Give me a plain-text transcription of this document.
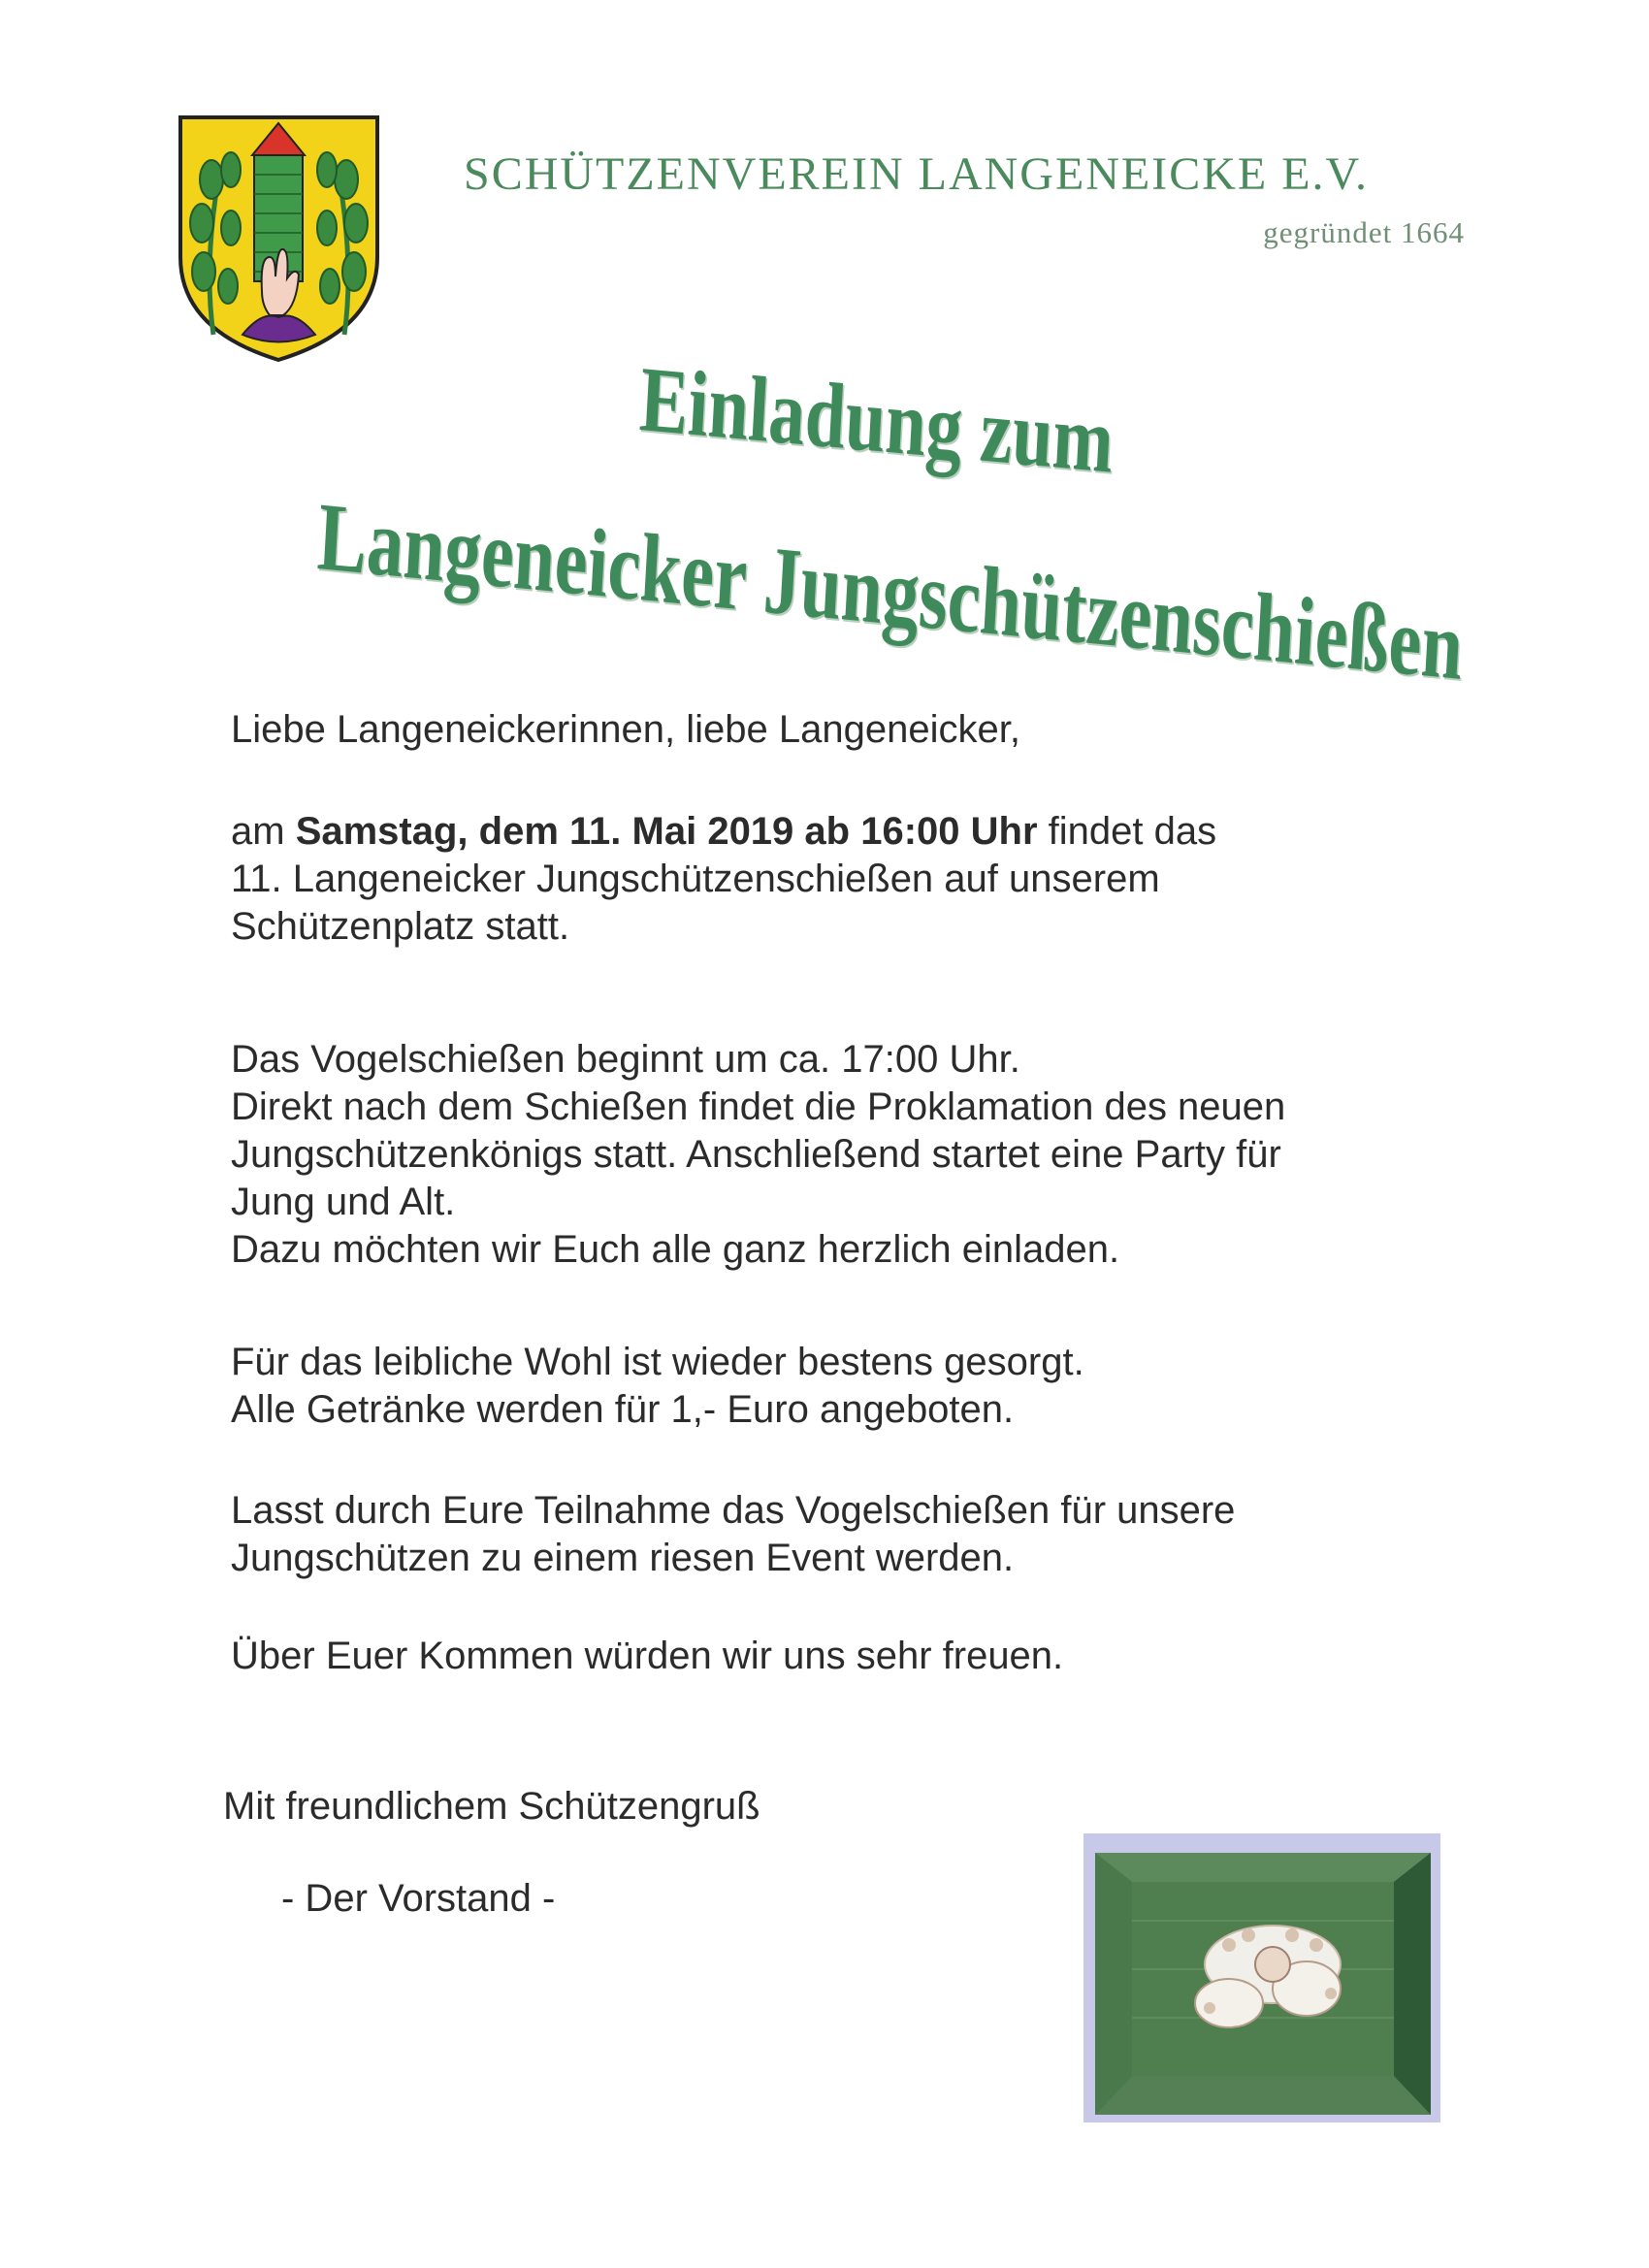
SCHÜTZENVEREIN LANGENEICKE E.V.
gegründet 1664
Einladung zum
Langeneicker Jungschützenschießen
Liebe Langeneickerinnen, liebe Langeneicker,
am Samstag, dem 11. Mai 2019 ab 16:00 Uhr findet das
11. Langeneicker Jungschützenschießen auf unserem
Schützenplatz statt.
Das Vogelschießen beginnt um ca. 17:00 Uhr.
Direkt nach dem Schießen findet die Proklamation des neuen
Jungschützenkönigs statt. Anschließend startet eine Party für
Jung und Alt.
Dazu möchten wir Euch alle ganz herzlich einladen.
Für das leibliche Wohl ist wieder bestens gesorgt.
Alle Getränke werden für 1,- Euro angeboten.
Lasst durch Eure Teilnahme das Vogelschießen für unsere
Jungschützen zu einem riesen Event werden.
Über Euer Kommen würden wir uns sehr freuen.
Mit freundlichem Schützengruß
- Der Vorstand -
